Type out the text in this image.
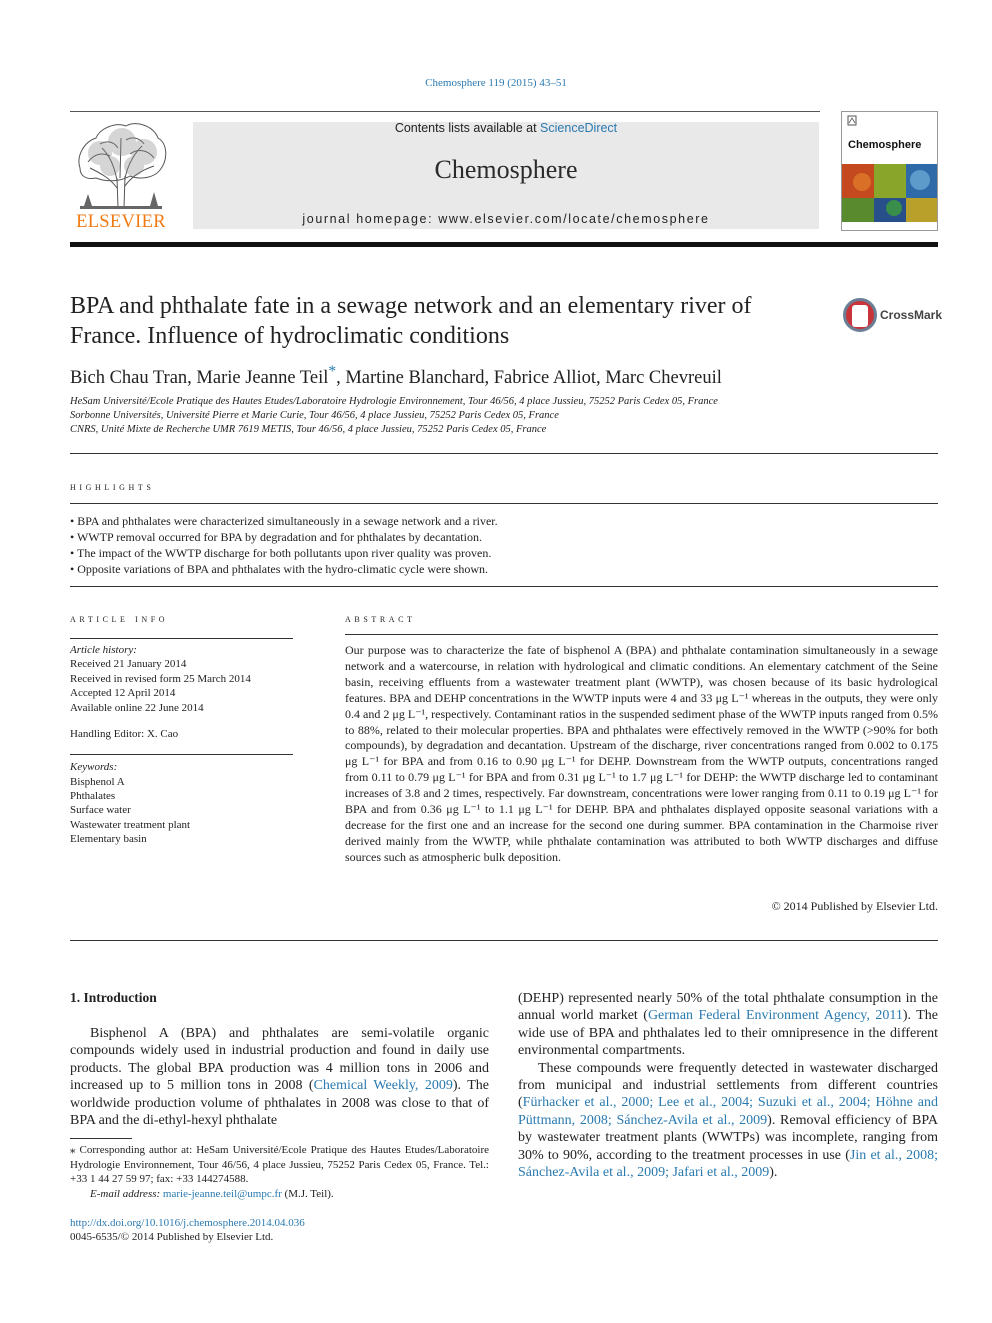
Chemosphere 119 (2015) 43–51
ELSEVIER
Contents lists available at ScienceDirect
Chemosphere
journal homepage: www.elsevier.com/locate/chemosphere
Chemosphere
BPA and phthalate fate in a sewage network and an elementary river of France. Influence of hydroclimatic conditions
CrossMark
Bich Chau Tran, Marie Jeanne Teil*, Martine Blanchard, Fabrice Alliot, Marc Chevreuil
HeSam Université/Ecole Pratique des Hautes Etudes/Laboratoire Hydrologie Environnement, Tour 46/56, 4 place Jussieu, 75252 Paris Cedex 05, France
Sorbonne Universités, Université Pierre et Marie Curie, Tour 46/56, 4 place Jussieu, 75252 Paris Cedex 05, France
CNRS, Unité Mixte de Recherche UMR 7619 METIS, Tour 46/56, 4 place Jussieu, 75252 Paris Cedex 05, France
highlights
• BPA and phthalates were characterized simultaneously in a sewage network and a river.
• WWTP removal occurred for BPA by degradation and for phthalates by decantation.
• The impact of the WWTP discharge for both pollutants upon river quality was proven.
• Opposite variations of BPA and phthalates with the hydro-climatic cycle were shown.
article info
Article history:
Received 21 January 2014
Received in revised form 25 March 2014
Accepted 12 April 2014
Available online 22 June 2014
Handling Editor: X. Cao
Keywords:
Bisphenol A
Phthalates
Surface water
Wastewater treatment plant
Elementary basin
abstract
Our purpose was to characterize the fate of bisphenol A (BPA) and phthalate contamination simultaneously in a sewage network and a watercourse, in relation with hydrological and climatic conditions. An elementary catchment of the Seine basin, receiving effluents from a wastewater treatment plant (WWTP), was chosen because of its basic hydrological features. BPA and DEHP concentrations in the WWTP inputs were 4 and 33 μg L⁻¹ whereas in the outputs, they were only 0.4 and 2 μg L⁻¹, respectively. Contaminant ratios in the suspended sediment phase of the WWTP inputs ranged from 0.5% to 88%, related to their molecular properties. BPA and phthalates were effectively removed in the WWTP (>90% for both compounds), by degradation and decantation. Upstream of the discharge, river concentrations ranged from 0.002 to 0.175 μg L⁻¹ for BPA and from 0.16 to 0.90 μg L⁻¹ for DEHP. Downstream from the WWTP outputs, concentrations ranged from 0.11 to 0.79 μg L⁻¹ for BPA and from 0.31 μg L⁻¹ to 1.7 μg L⁻¹ for DEHP: the WWTP discharge led to contaminant increases of 3.8 and 2 times, respectively. Far downstream, concentrations were lower ranging from 0.11 to 0.19 μg L⁻¹ for BPA and from 0.36 μg L⁻¹ to 1.1 μg L⁻¹ for DEHP. BPA and phthalates displayed opposite seasonal variations with a decrease for the first one and an increase for the second one during summer. BPA contamination in the Charmoise river derived mainly from the WWTP, while phthalate contamination was attributed to both WWTP discharges and diffuse sources such as atmospheric bulk deposition.
© 2014 Published by Elsevier Ltd.
1. Introduction
Bisphenol A (BPA) and phthalates are semi-volatile organic compounds widely used in industrial production and found in daily use products. The global BPA production was 4 million tons in 2006 and increased up to 5 million tons in 2008 (Chemical Weekly, 2009). The worldwide production volume of phthalates in 2008 was close to that of BPA and the di-ethyl-hexyl phthalate
(DEHP) represented nearly 50% of the total phthalate consumption in the annual world market (German Federal Environment Agency, 2011). The wide use of BPA and phthalates led to their omnipresence in the different environmental compartments.
These compounds were frequently detected in wastewater discharged from municipal and industrial settlements from different countries (Fürhacker et al., 2000; Lee et al., 2004; Suzuki et al., 2004; Höhne and Püttmann, 2008; Sánchez-Avila et al., 2009). Removal efficiency of BPA by wastewater treatment plants (WWTPs) was incomplete, ranging from 30% to 90%, according to the treatment processes in use (Jin et al., 2008; Sánchez-Avila et al., 2009; Jafari et al., 2009).
⁎ Corresponding author at: HeSam Université/Ecole Pratique des Hautes Etudes/Laboratoire Hydrologie Environnement, Tour 46/56, 4 place Jussieu, 75252 Paris Cedex 05, France. Tel.: +33 1 44 27 59 97; fax: +33 144274588.
E-mail address: marie-jeanne.teil@umpc.fr (M.J. Teil).
http://dx.doi.org/10.1016/j.chemosphere.2014.04.036
0045-6535/© 2014 Published by Elsevier Ltd.
